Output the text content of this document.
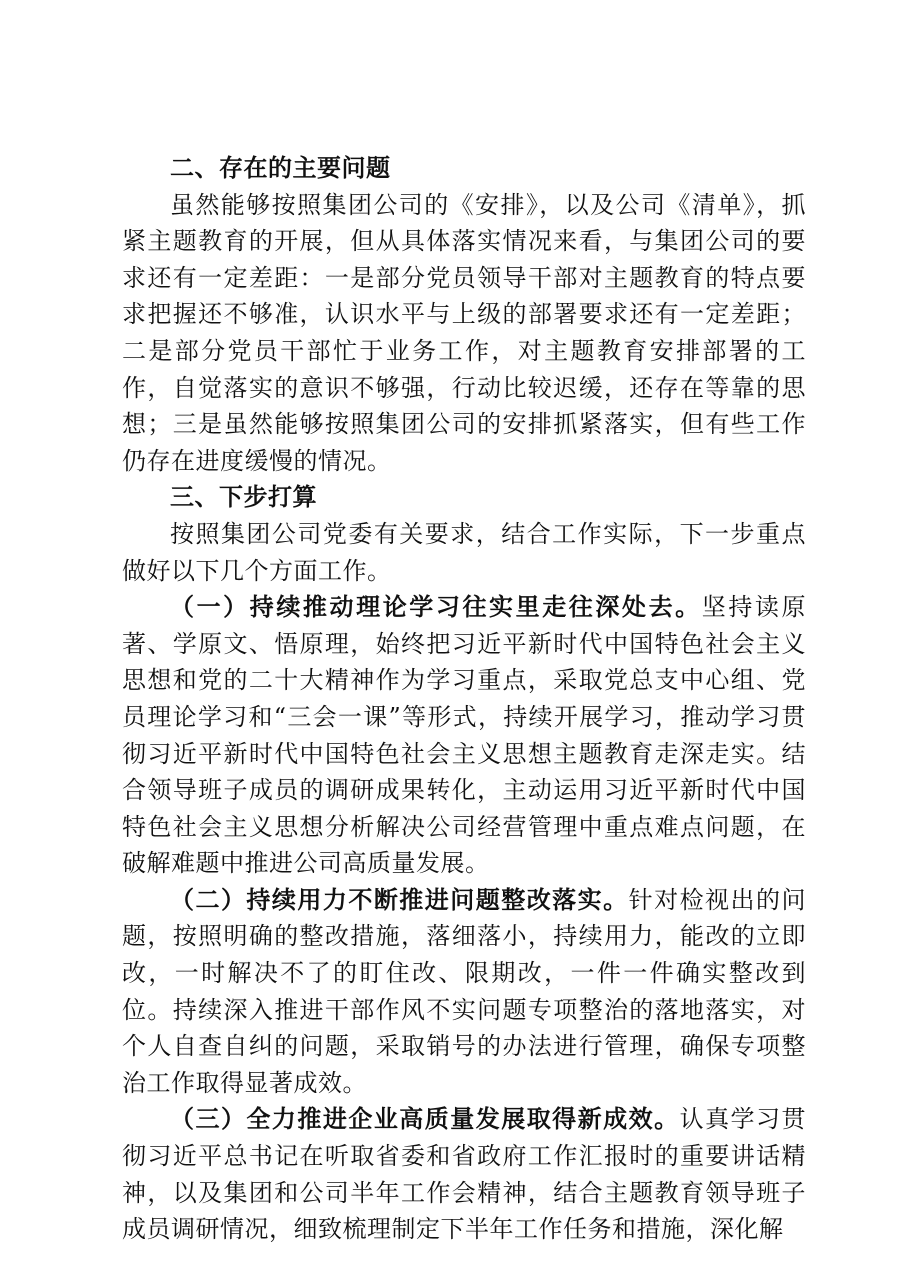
二、存在的主要问题

虽然能够按照集团公司的《安排》，以及公司《清单》，抓紧主题教育的开展，但从具体落实情况来看，与集团公司的要求还有一定差距：一是部分党员领导干部对主题教育的特点要求把握还不够准，认识水平与上级的部署要求还有一定差距；二是部分党员干部忙于业务工作，对主题教育安排部署的工作，自觉落实的意识不够强，行动比较迟缓，还存在等靠的思想；三是虽然能够按照集团公司的安排抓紧落实，但有些工作仍存在进度缓慢的情况。

三、下步打算

按照集团公司党委有关要求，结合工作实际，下一步重点做好以下几个方面工作。

（一）持续推动理论学习往实里走往深处去。坚持读原著、学原文、悟原理，始终把习近平新时代中国特色社会主义思想和党的二十大精神作为学习重点，采取党总支中心组、党员理论学习和“三会一课”等形式，持续开展学习，推动学习贯彻习近平新时代中国特色社会主义思想主题教育走深走实。结合领导班子成员的调研成果转化，主动运用习近平新时代中国特色社会主义思想分析解决公司经营管理中重点难点问题，在破解难题中推进公司高质量发展。

（二）持续用力不断推进问题整改落实。针对检视出的问题，按照明确的整改措施，落细落小，持续用力，能改的立即改，一时解决不了的盯住改、限期改，一件一件确实整改到位。持续深入推进干部作风不实问题专项整治的落地落实，对个人自查自纠的问题，采取销号的办法进行管理，确保专项整治工作取得显著成效。

（三）全力推进企业高质量发展取得新成效。认真学习贯彻习近平总书记在听取省委和省政府工作汇报时的重要讲话精神，以及集团和公司半年工作会精神，结合主题教育领导班子成员调研情况，细致梳理制定下半年工作任务和措施，深化解
